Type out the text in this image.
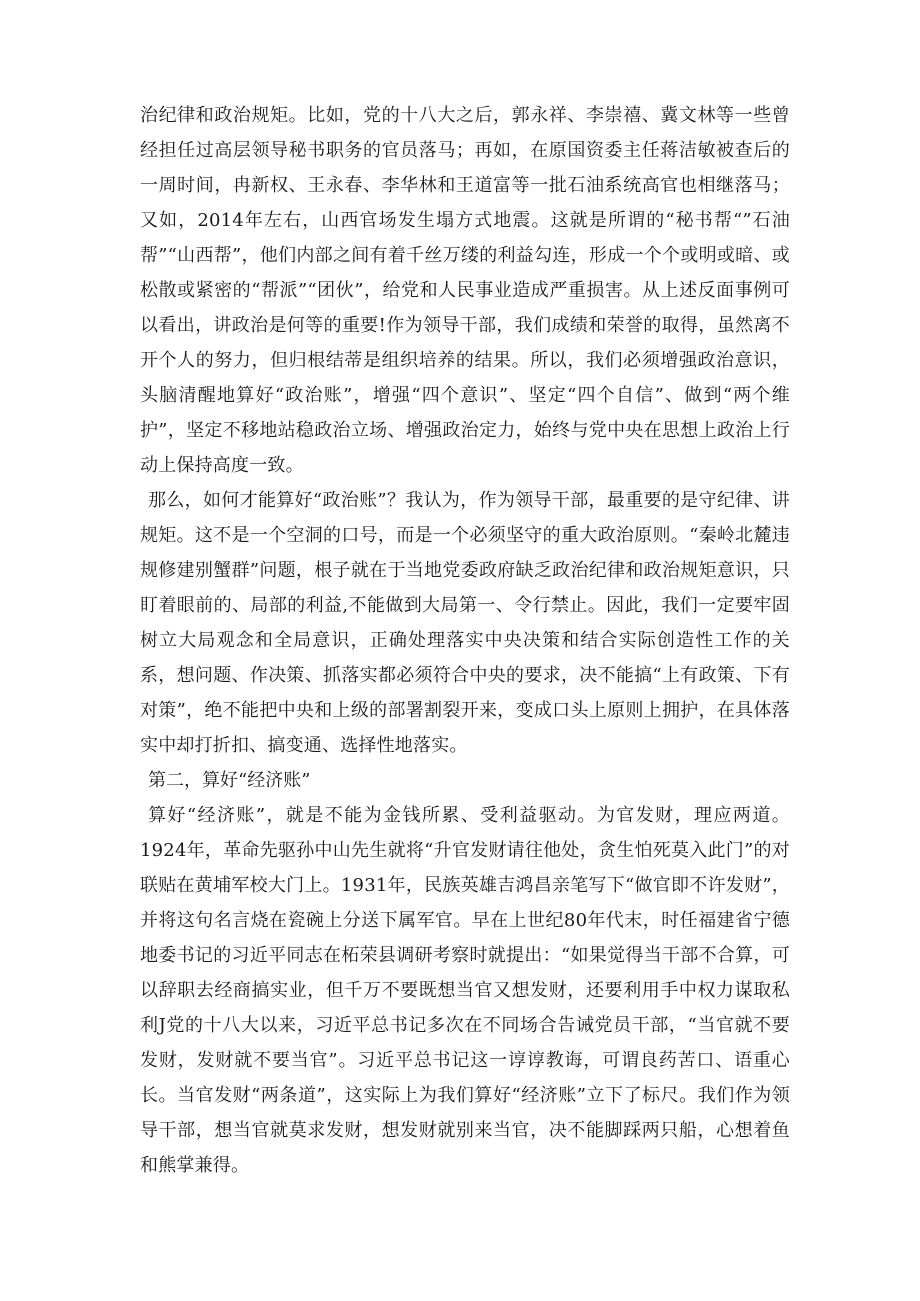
治纪律和政治规矩。比如，党的十八大之后，郭永祥、李崇禧、冀文林等一些曾经担任过高层领导秘书职务的官员落马；再如，在原国资委主任蒋洁敏被查后的一周时间，冉新权、王永春、李华林和王道富等一批石油系统高官也相继落马；又如，2014年左右，山西官场发生塌方式地震。这就是所谓的“秘书帮“”石油帮”“山西帮”，他们内部之间有着千丝万缕的利益勾连，形成一个个或明或暗、或松散或紧密的“帮派”“团伙”，给党和人民事业造成严重损害。从上述反面事例可以看出，讲政治是何等的重要!作为领导干部，我们成绩和荣誉的取得，虽然离不开个人的努力，但归根结蒂是组织培养的结果。所以，我们必须增强政治意识，头脑清醒地算好“政治账”，增强“四个意识”、坚定“四个自信”、做到“两个维护”，坚定不移地站稳政治立场、增强政治定力，始终与党中央在思想上政治上行动上保持高度一致。

那么，如何才能算好“政治账”？我认为，作为领导干部，最重要的是守纪律、讲规矩。这不是一个空洞的口号，而是一个必须坚守的重大政治原则。“秦岭北麓违规修建别蟹群”问题，根子就在于当地党委政府缺乏政治纪律和政治规矩意识，只盯着眼前的、局部的利益,不能做到大局第一、令行禁止。因此，我们一定要牢固树立大局观念和全局意识，正确处理落实中央决策和结合实际创造性工作的关系，想问题、作决策、抓落实都必须符合中央的要求，决不能搞“上有政策、下有对策”，绝不能把中央和上级的部署割裂开来，变成口头上原则上拥护，在具体落实中却打折扣、搞变通、选择性地落实。

第二，算好“经济账”

算好“经济账”，就是不能为金钱所累、受利益驱动。为官发财，理应两道。1924年，革命先驱孙中山先生就将“升官发财请往他处，贪生怕死莫入此门”的对联贴在黄埔军校大门上。1931年，民族英雄吉鸿昌亲笔写下“做官即不许发财”，并将这句名言烧在瓷碗上分送下属军官。早在上世纪80年代末，时任福建省宁德地委书记的习近平同志在柘荣县调研考察时就提出：“如果觉得当干部不合算，可以辞职去经商搞实业，但千万不要既想当官又想发财，还要利用手中权力谋取私利J党的十八大以来，习近平总书记多次在不同场合告诫党员干部，“当官就不要发财，发财就不要当官”。习近平总书记这一谆谆教诲，可谓良药苦口、语重心长。当官发财“两条道”，这实际上为我们算好“经济账”立下了标尺。我们作为领导干部，想当官就莫求发财，想发财就别来当官，决不能脚踩两只船，心想着鱼和熊掌兼得。
